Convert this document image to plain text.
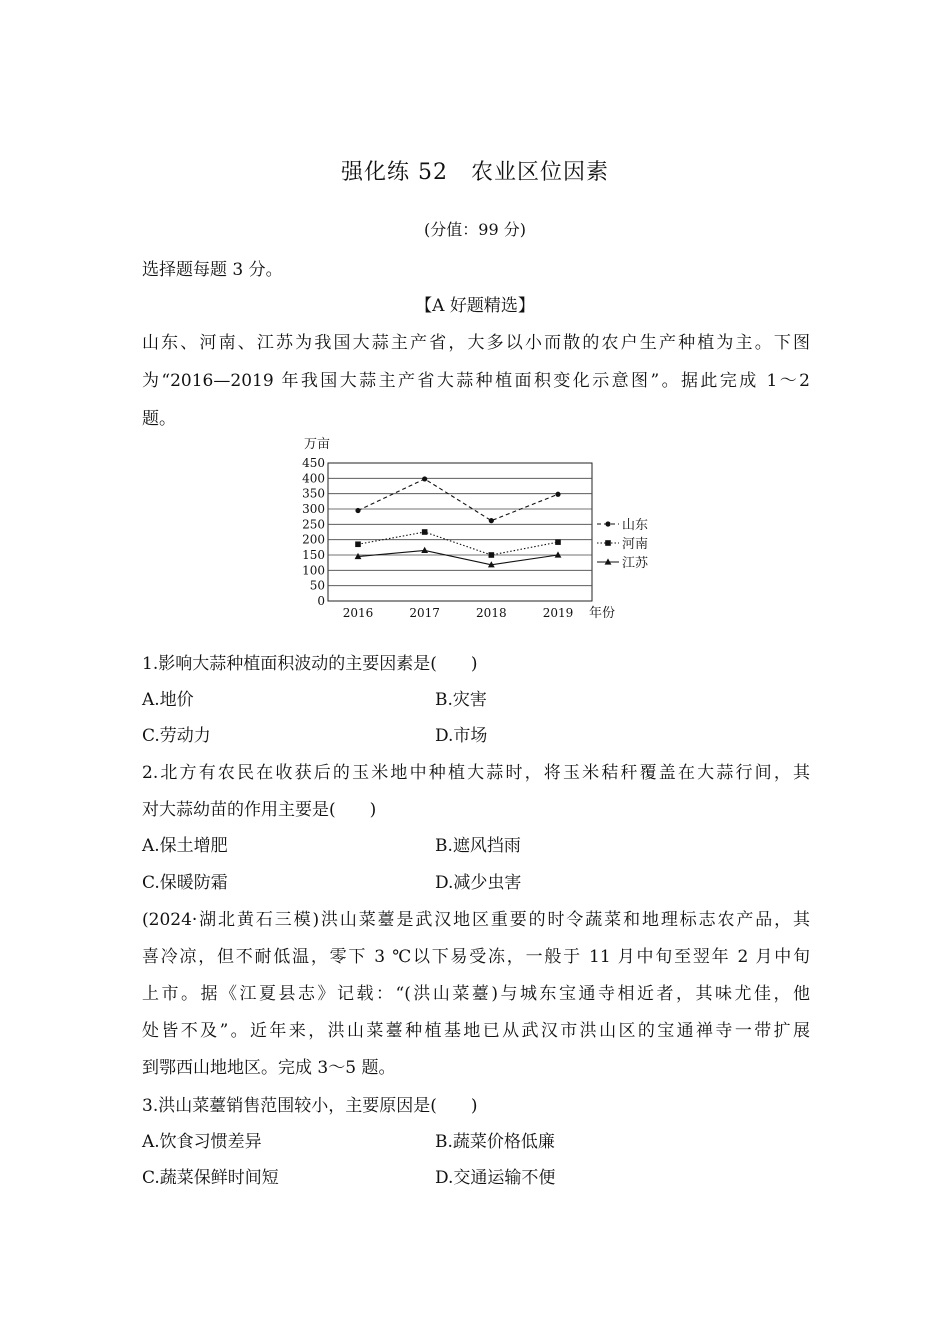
强化练 52　农业区位因素
(分值：99 分)
选择题每题 3 分。
【A 好题精选】
山东、河南、江苏为我国大蒜主产省，大多以小而散的农户生产种植为主。下图
为“2016—2019 年我国大蒜主产省大蒜种植面积变化示意图”。据此完成 1～2
题。
0
50
100
150
200
250
300
350
400
450
万亩
2016	2017	2018	2019 年份
山东
河南
江苏
1.影响大蒜种植面积波动的主要因素是(　　)
A.地价	B.灾害
C.劳动力	D.市场
2.北方有农民在收获后的玉米地中种植大蒜时，将玉米秸秆覆盖在大蒜行间，其
对大蒜幼苗的作用主要是(　　)
A.保土增肥	B.遮风挡雨
C.保暖防霜	D.减少虫害
(2024·湖北黄石三模)洪山菜薹是武汉地区重要的时令蔬菜和地理标志农产品，其
喜冷凉，但不耐低温，零下 3 ℃以下易受冻，一般于 11 月中旬至翌年 2 月中旬
上市。据《江夏县志》记载：“(洪山菜薹)与城东宝通寺相近者，其味尤佳，他
处皆不及”。近年来，洪山菜薹种植基地已从武汉市洪山区的宝通禅寺一带扩展
到鄂西山地地区。完成 3～5 题。
3.洪山菜薹销售范围较小，主要原因是(　　)
A.饮食习惯差异	B.蔬菜价格低廉
C.蔬菜保鲜时间短	D.交通运输不便
